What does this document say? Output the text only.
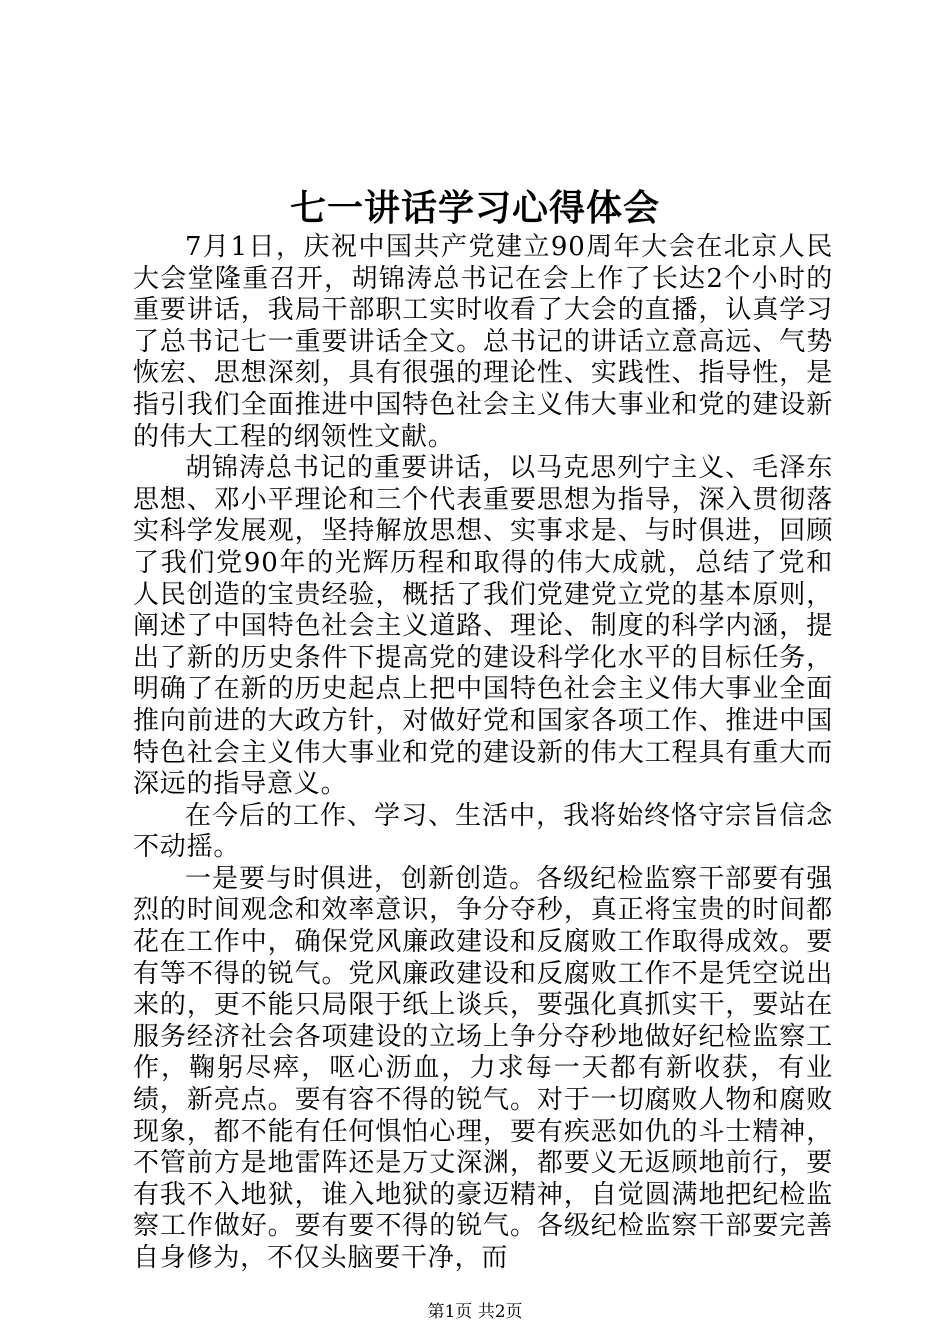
七一讲话学习心得体会

7月1日，庆祝中国共产党建立90周年大会在北京人民大会堂隆重召开，胡锦涛总书记在会上作了长达2个小时的重要讲话，我局干部职工实时收看了大会的直播，认真学习了总书记七一重要讲话全文。总书记的讲话立意高远、气势恢宏、思想深刻，具有很强的理论性、实践性、指导性，是指引我们全面推进中国特色社会主义伟大事业和党的建设新的伟大工程的纲领性文献。

胡锦涛总书记的重要讲话，以马克思列宁主义、毛泽东思想、邓小平理论和三个代表重要思想为指导，深入贯彻落实科学发展观，坚持解放思想、实事求是、与时俱进，回顾了我们党90年的光辉历程和取得的伟大成就，总结了党和人民创造的宝贵经验，概括了我们党建党立党的基本原则，阐述了中国特色社会主义道路、理论、制度的科学内涵，提出了新的历史条件下提高党的建设科学化水平的目标任务，明确了在新的历史起点上把中国特色社会主义伟大事业全面推向前进的大政方针，对做好党和国家各项工作、推进中国特色社会主义伟大事业和党的建设新的伟大工程具有重大而深远的指导意义。

在今后的工作、学习、生活中，我将始终恪守宗旨信念不动摇。

一是要与时俱进，创新创造。各级纪检监察干部要有强烈的时间观念和效率意识，争分夺秒，真正将宝贵的时间都花在工作中，确保党风廉政建设和反腐败工作取得成效。要有等不得的锐气。党风廉政建设和反腐败工作不是凭空说出来的，更不能只局限于纸上谈兵，要强化真抓实干，要站在服务经济社会各项建设的立场上争分夺秒地做好纪检监察工作，鞠躬尽瘁，呕心沥血，力求每一天都有新收获，有业绩，新亮点。要有容不得的锐气。对于一切腐败人物和腐败现象，都不能有任何惧怕心理，要有疾恶如仇的斗士精神，不管前方是地雷阵还是万丈深渊，都要义无返顾地前行，要有我不入地狱，谁入地狱的豪迈精神，自觉圆满地把纪检监察工作做好。要有要不得的锐气。各级纪检监察干部要完善自身修为，不仅头脑要干净，而

第1页 共2页
